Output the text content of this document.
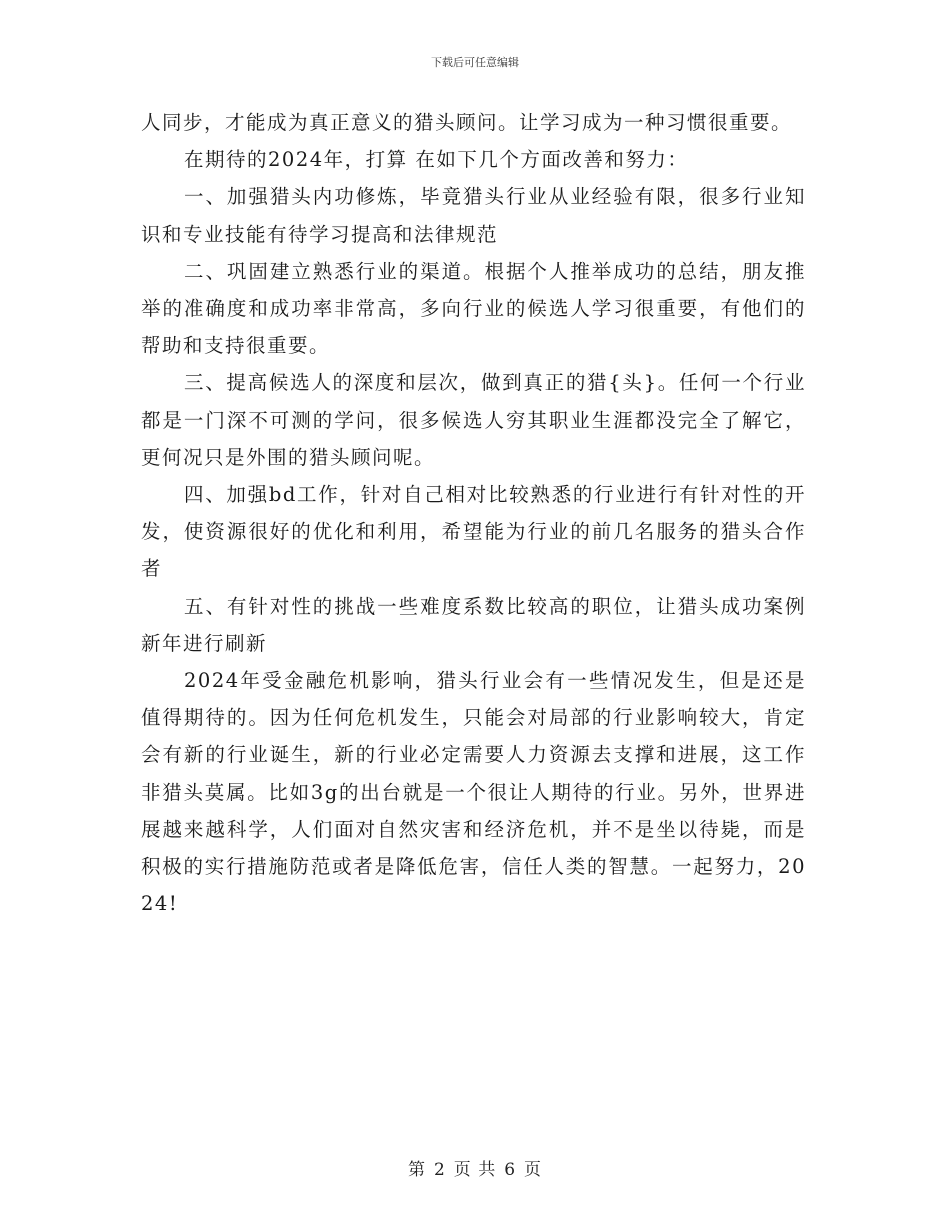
下载后可任意编辑

人同步，才能成为真正意义的猎头顾问。让学习成为一种习惯很重要。

在期待的2024年，打算 在如下几个方面改善和努力：

一、加强猎头内功修炼，毕竟猎头行业从业经验有限，很多行业知识和专业技能有待学习提高和法律规范

二、巩固建立熟悉行业的渠道。根据个人推举成功的总结，朋友推举的准确度和成功率非常高，多向行业的候选人学习很重要，有他们的帮助和支持很重要。

三、提高候选人的深度和层次，做到真正的猎{头}。任何一个行业都是一门深不可测的学问，很多候选人穷其职业生涯都没完全了解它，更何况只是外围的猎头顾问呢。

四、加强bd工作，针对自己相对比较熟悉的行业进行有针对性的开发，使资源很好的优化和利用，希望能为行业的前几名服务的猎头合作者

五、有针对性的挑战一些难度系数比较高的职位，让猎头成功案例新年进行刷新

2024年受金融危机影响，猎头行业会有一些情况发生，但是还是值得期待的。因为任何危机发生，只能会对局部的行业影响较大，肯定会有新的行业诞生，新的行业必定需要人力资源去支撑和进展，这工作非猎头莫属。比如3g的出台就是一个很让人期待的行业。另外，世界进展越来越科学，人们面对自然灾害和经济危机，并不是坐以待毙，而是积极的实行措施防范或者是降低危害，信任人类的智慧。一起努力，2024!

第 2 页 共 6 页
